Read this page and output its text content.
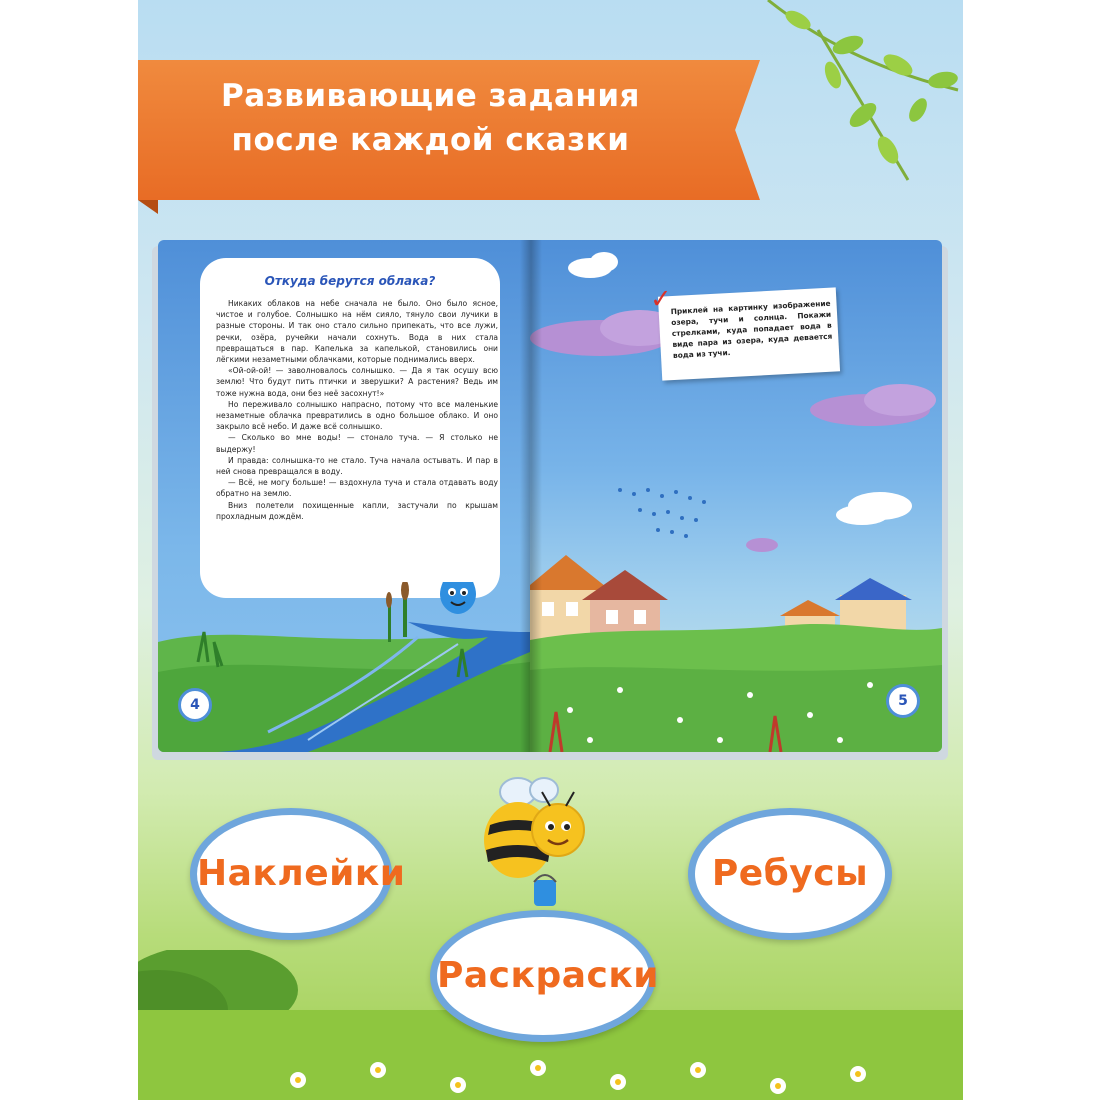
Развивающие задания
после каждой сказки
Откуда берутся облака?

Никаких облаков на небе сначала не было. Оно было ясное, чистое и голубое. Солнышко на нём сияло, тянуло свои лучики в разные стороны. И так оно стало сильно припекать, что все лужи, речки, озёра, ручейки начали сохнуть. Вода в них стала превращаться в пар. Капелька за капелькой, становились они лёгкими незаметными облачками, которые поднимались вверх.

«Ой-ой-ой! — заволновалось солнышко. — Да я так осушу всю землю! Что будут пить птички и зверушки? А растения? Ведь им тоже нужна вода, они без неё засохнут!»

Но переживало солнышко напрасно, потому что все маленькие незаметные облачка превратились в одно большое облако. И оно закрыло всё небо. И даже всё солнышко.

— Сколько во мне воды! — стонало туча. — Я столько не выдержу!

И правда: солнышка-то не стало. Туча начала остывать. И пар в ней снова превращался в воду.

— Всё, не могу больше! — вздохнула туча и стала отдавать воду обратно на землю.

Вниз полетели похищенные капли, застучали по крышам прохладным дождём.

4
✓
Приклей на картинку изображение озера, тучи и солнца. Покажи стрелками, куда попадает вода в виде пара из озера, куда девается вода из тучи.
5
Наклейки	Ребусы
Раскраски
